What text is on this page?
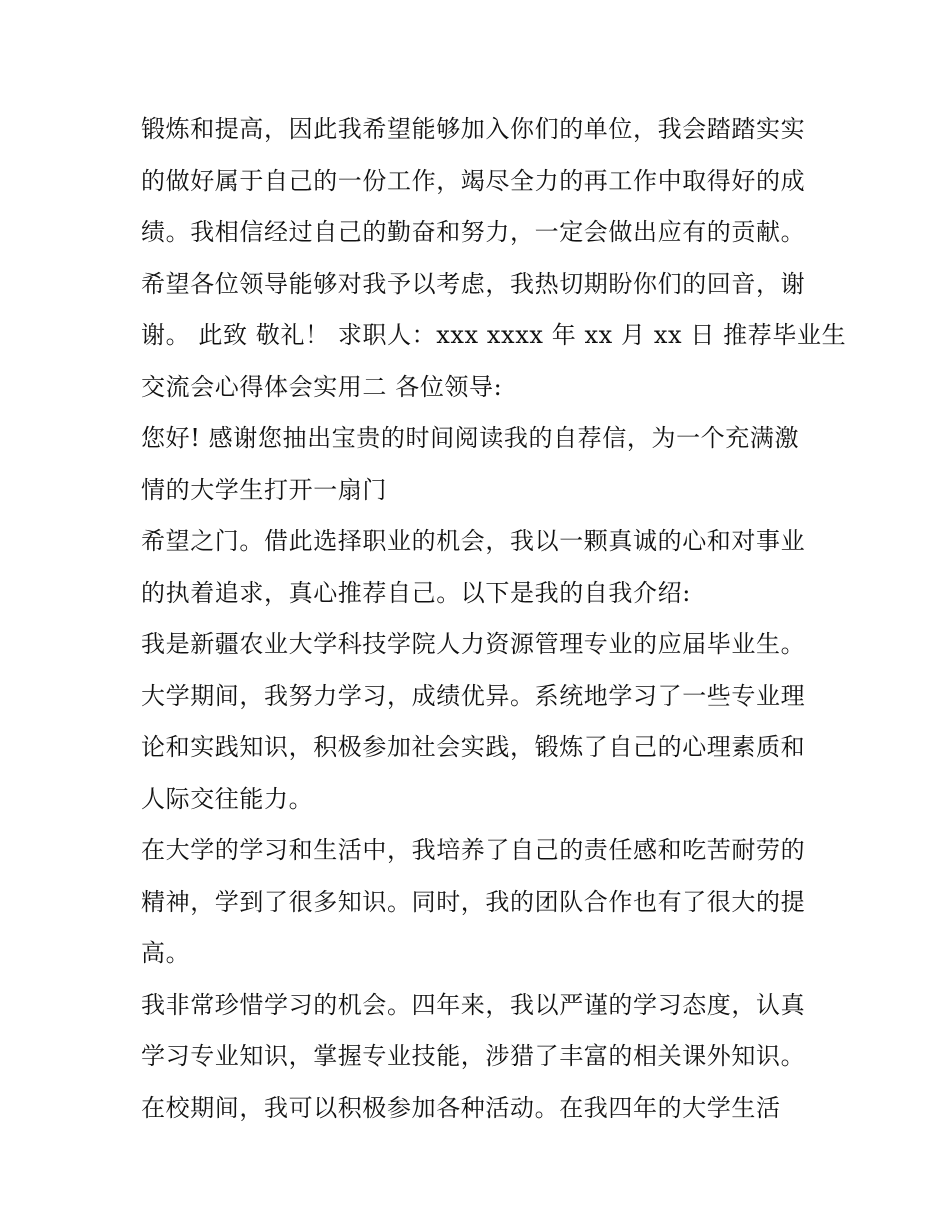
锻炼和提高，因此我希望能够加入你们的单位，我会踏踏实实
的做好属于自己的一份工作，竭尽全力的再工作中取得好的成
绩。我相信经过自己的勤奋和努力，一定会做出应有的贡献。
希望各位领导能够对我予以考虑，我热切期盼你们的回音，谢
谢。 此致 敬礼！ 求职人：xxx xxxx 年 xx 月 xx 日 推荐毕业生
交流会心得体会实用二 各位领导:
您好! 感谢您抽出宝贵的时间阅读我的自荐信，为一个充满激
情的大学生打开一扇门
希望之门。借此选择职业的机会，我以一颗真诚的心和对事业
的执着追求，真心推荐自己。以下是我的自我介绍:
我是新疆农业大学科技学院人力资源管理专业的应届毕业生。
大学期间，我努力学习，成绩优异。系统地学习了一些专业理
论和实践知识，积极参加社会实践，锻炼了自己的心理素质和
人际交往能力。
在大学的学习和生活中，我培养了自己的责任感和吃苦耐劳的
精神，学到了很多知识。同时，我的团队合作也有了很大的提
高。
我非常珍惜学习的机会。四年来，我以严谨的学习态度，认真
学习专业知识，掌握专业技能，涉猎了丰富的相关课外知识。
在校期间，我可以积极参加各种活动。在我四年的大学生活
